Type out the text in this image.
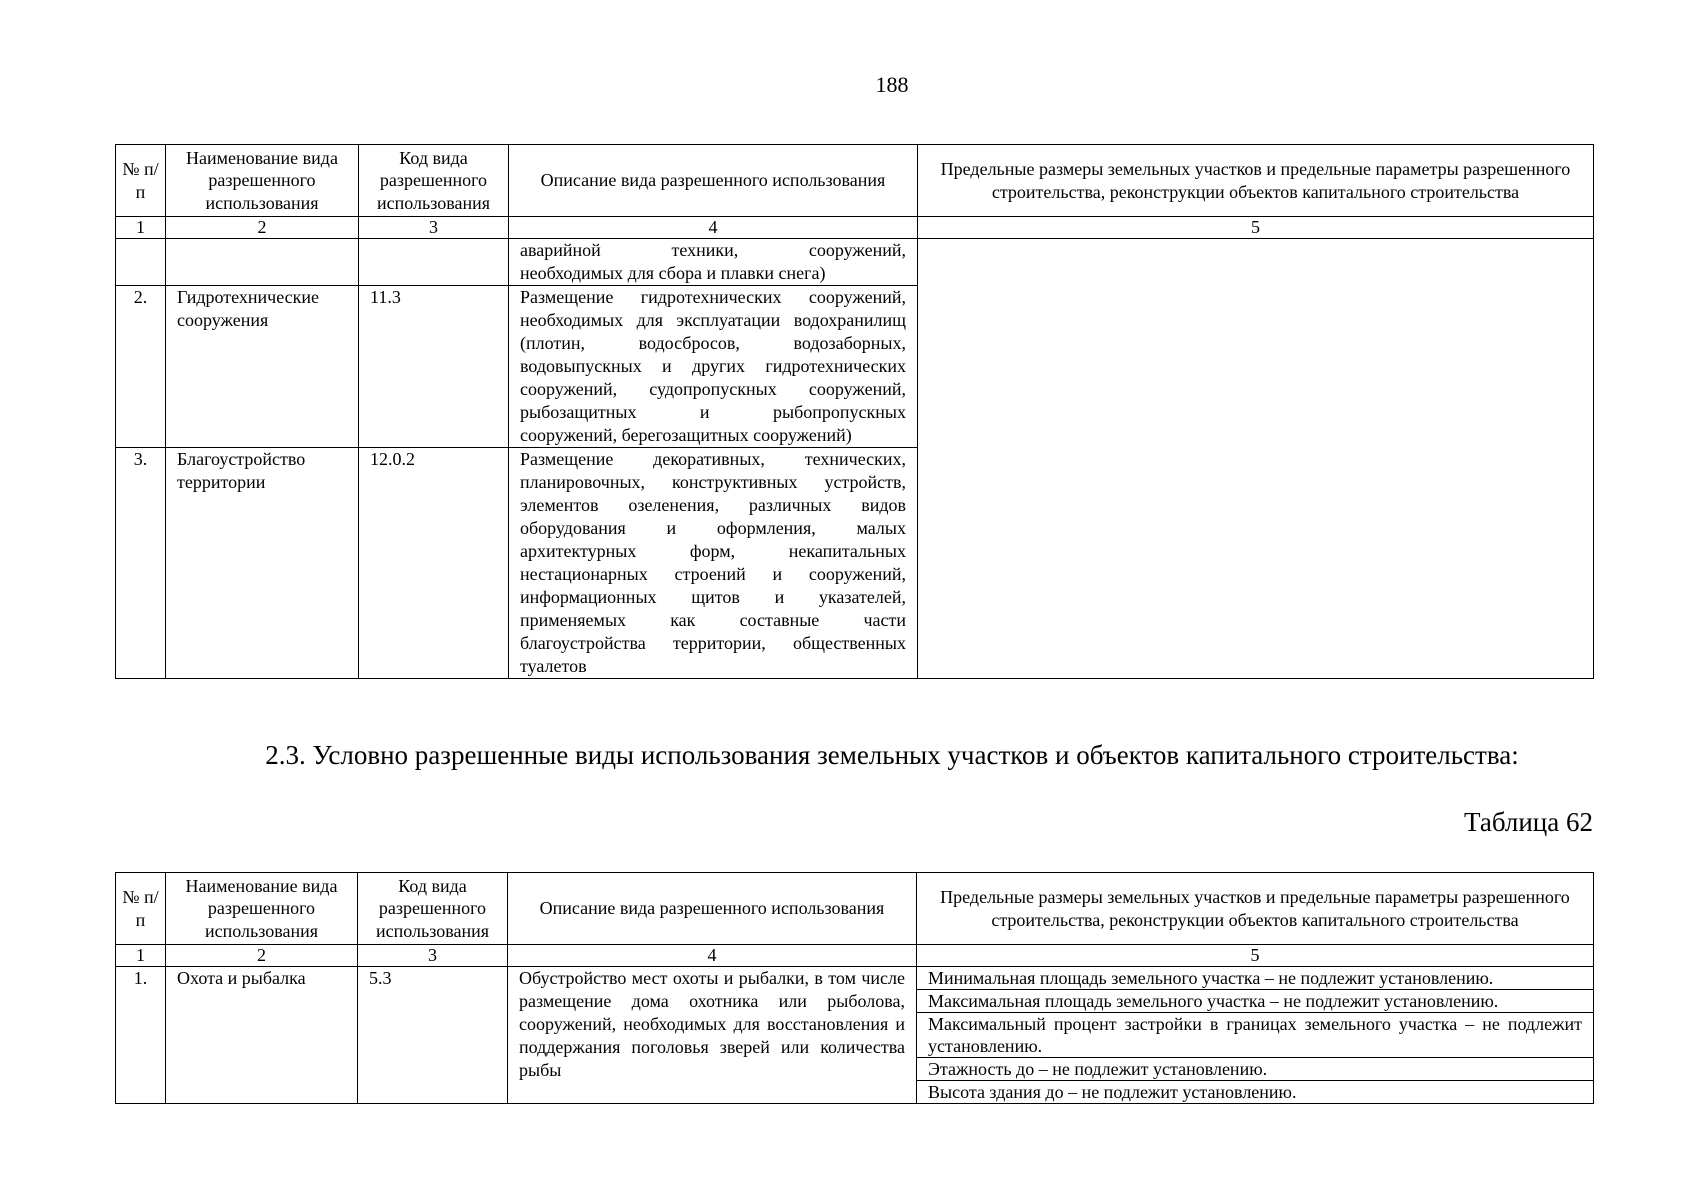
188
№ п/п	Наименование вида разрешенного использования	Код вида разрешенного использования	Описание вида разрешенного использования	Предельные размеры земельных участков и предельные параметры разрешенного строительства, реконструкции объектов капитального строительства
1	2	3	4	5

			аварийной техники, сооружений,
необходимых для сбора и плавки снега)	

2.	Гидротехнические сооружения	11.3	Размещение гидротехнических сооружений, необходимых для эксплуатации водохранилищ (плотин, водосбросов, водозаборных, водовыпускных и других гидротехнических сооружений, судопропускных сооружений, рыбозащитных и рыбопропускных
сооружений, берегозащитных сооружений)	

3.	Благоустройство территории	12.0.2	Размещение декоративных, технических, планировочных, конструктивных устройств, элементов озеленения, различных видов оборудования и оформления, малых архитектурных форм, некапитальных нестационарных строений и сооружений, информационных щитов и указателей, применяемых как составные части благоустройства территории, общественных
туалетов	
2.3. Условно разрешенные виды использования земельных участков и объектов капитального строительства:
Таблица 62
№ п/п	Наименование вида разрешенного использования	Код вида разрешенного использования	Описание вида разрешенного использования	Предельные размеры земельных участков и предельные параметры разрешенного строительства, реконструкции объектов капитального строительства
1	2	3	4	5
1.	Охота и рыбалка	5.3	Обустройство мест охоты и рыбалки, в том числе размещение дома охотника или рыболова, сооружений, необходимых для восстановления и поддержания поголовья зверей или количества рыбы

Минимальная площадь земельного участка – не подлежит установлению.
Максимальная площадь земельного участка – не подлежит установлению.
Максимальный процент застройки в границах земельного участка – не подлежит установлению.
Этажность до – не подлежит установлению.
Высота здания до – не подлежит установлению.
